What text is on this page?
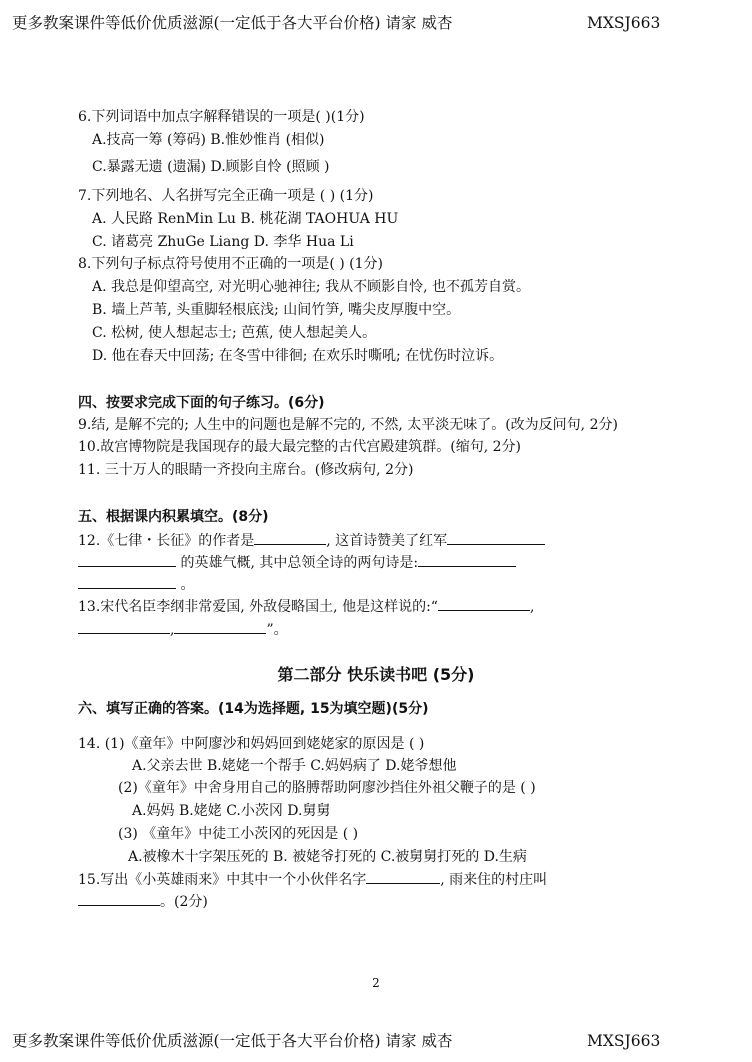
更多教案课件等低价优质滋源(一定低于各大平台价格) 请家 威杏	MXSJ663
6.下列词语中加点字解释错误的一项是( )(1分)
A.技高一筹 (筹码) B.惟妙惟肖 (相似)
C.暴露无遗 (遗漏) D.顾影自怜 (照顾 )
7.下列地名、人名拼写完全正确一项是 ( ) (1分)
A. 人民路 RenMin Lu B. 桃花湖 TAOHUA HU
C. 诸葛亮 ZhuGe Liang D. 李华 Hua Li
8.下列句子标点符号使用不正确的一项是( ) (1分)
A. 我总是仰望高空, 对光明心驰神往; 我从不顾影自怜, 也不孤芳自赏。
B. 墙上芦苇, 头重脚轻根底浅; 山间竹笋, 嘴尖皮厚腹中空。
C. 松树, 使人想起志士; 芭蕉, 使人想起美人。
D. 他在春天中回荡; 在冬雪中徘徊; 在欢乐时嘶吼; 在忧伤时泣诉。
四、按要求完成下面的句子练习。(6分)
9.结, 是解不完的; 人生中的问题也是解不完的, 不然, 太平淡无味了。(改为反问句, 2分)
10.故宫博物院是我国现存的最大最完整的古代宫殿建筑群。(缩句, 2分)
11. 三十万人的眼睛一齐投向主席台。(修改病句, 2分)
五、根据课内积累填空。(8分)
12.《七律・长征》的作者是	, 这首诗赞美了红军
的英雄气概, 其中总领全诗的两句诗是:
。
13.宋代名臣李纲非常爱国, 外敌侵略国土, 他是这样说的:“	,
,	”。
第二部分 快乐读书吧 (5分)
六、填写正确的答案。(14为选择题, 15为填空题)(5分)
14. (1)《童年》中阿廖沙和妈妈回到姥姥家的原因是 ( )
A.父亲去世 B.姥姥一个帮手 C.妈妈病了 D.姥爷想他
(2)《童年》中舍身用自己的胳膊帮助阿廖沙挡住外祖父鞭子的是 ( )
A.妈妈 B.姥姥 C.小茨冈 D.舅舅
(3) 《童年》中徒工小茨冈的死因是 ( )
A.被橡木十字架压死的 B. 被姥爷打死的 C.被舅舅打死的 D.生病
15.写出《小英雄雨来》中其中一个小伙伴名字	, 雨来住的村庄叫
。(2分)
2
更多教案课件等低价优质滋源(一定低于各大平台价格) 请家 威杏	MXSJ663
